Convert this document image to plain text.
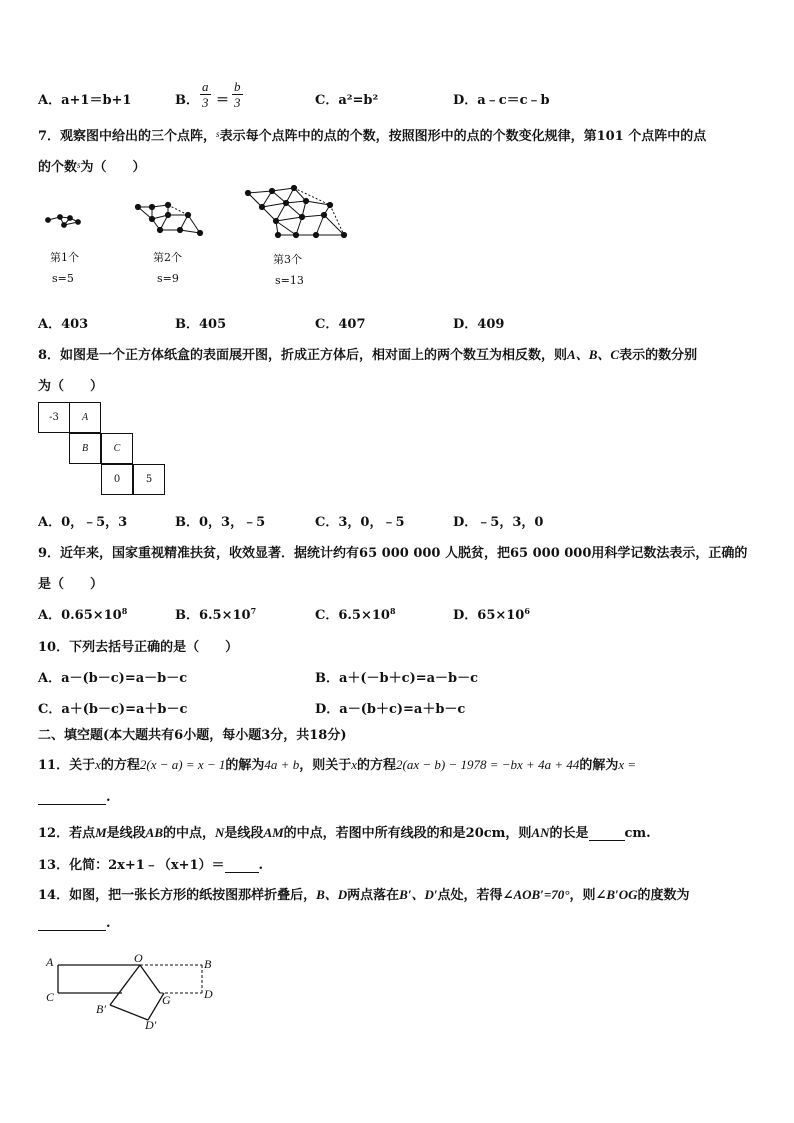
A．a+1＝b+1	B． $\frac{a}{3} = \frac{b}{3}$	C．a²=b²	D．a﹣c＝c﹣b
7．观察图中给出的三个点阵，$^s$表示每个点阵中的点的个数，按照图形中的点的个数变化规律，第101 个点阵中的点
的个数$^s$为（　　）
第1个
s=5
第2个
s=9
第3个
s=13
A．403	B．405	C．407	D．409
8．如图是一个正方体纸盒的表面展开图，折成正方体后，相对面上的两个数互为相反数，则A、B、C表示的数分别
为（　　）
-3	A
B	C
0	5
A．0，﹣5，3	B．0，3，﹣5	C．3，0，﹣5	D．﹣5，3，0
9．近年来，国家重视精准扶贫，收效显著．据统计约有65 000 000 人脱贫，把65 000 000用科学记数法表示，正确的
是（　　）
A．$0.65\times 10^8$	B．$6.5\times 10^7$	C．$6.5\times 10^8$	D．$65\times 10^6$
10．下列去括号正确的是（　　）
A．a－(b－c)=a－b－c	B．a＋(－b＋c)=a－b－c
C．a＋(b－c)=a＋b－c	D．a－(b＋c)=a＋b－c
二、填空题(本大题共有6小题，每小题3分，共18分)
11．关于x的方程2(x − a) = x − 1的解为4a + b，则关于x的方程2(ax − b) − 1978 = −bx + 4a + 44的解为x =
.
12．若点M是线段AB的中点，N是线段AM的中点，若图中所有线段的和是20cm，则AN的长是	cm.
13．化简：2x+1﹣（x+1）＝	.
14．如图，把一张长方形的纸按图那样折叠后，B、D两点落在B′、D′点处，若得∠AOB′=70°，则∠B′OG的度数为
.
A	O	B
C	G	D
B′
D′
